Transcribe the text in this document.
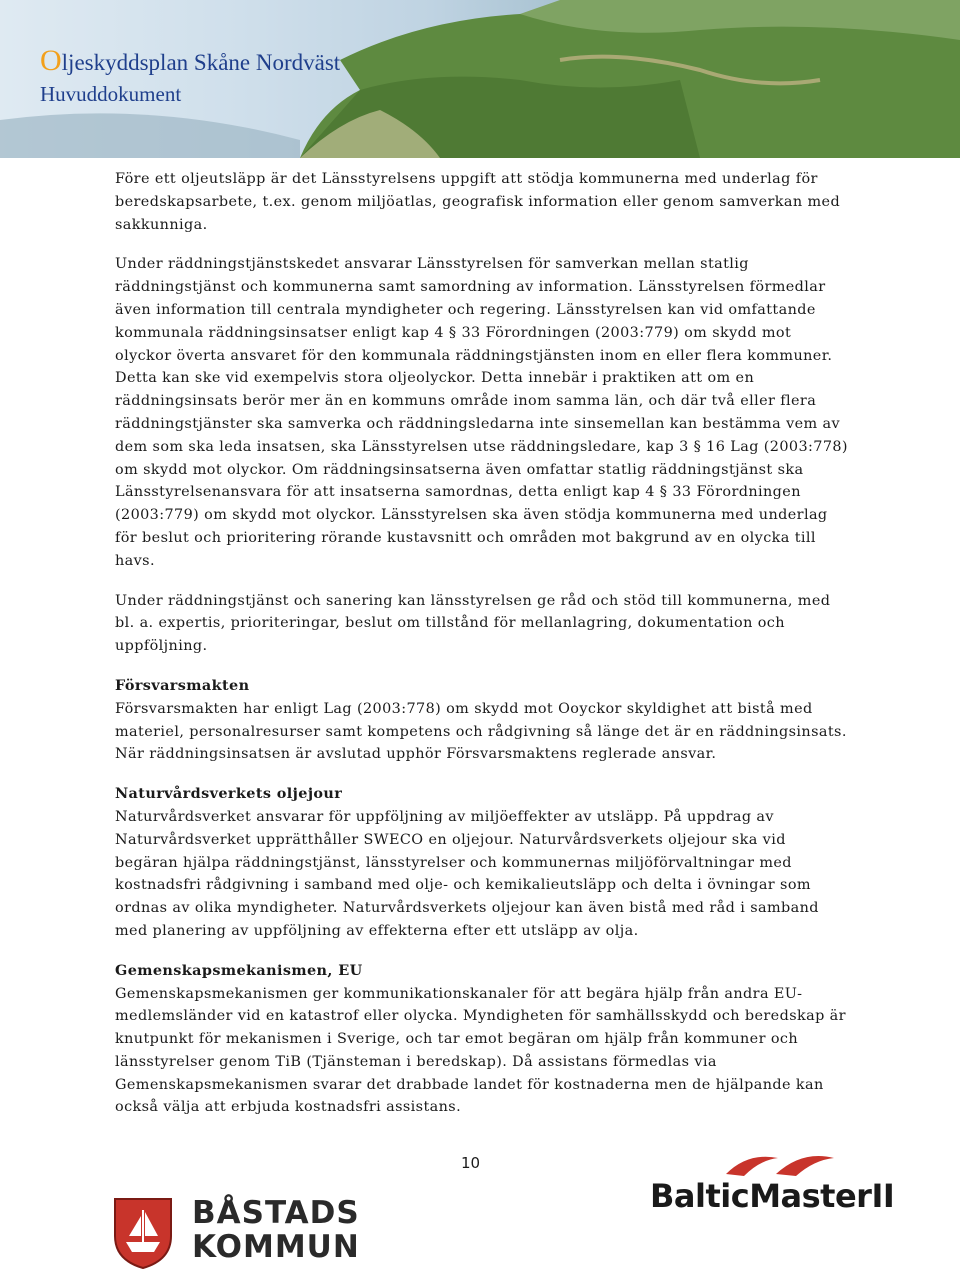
Oljeskyddsplan Skåne Nordväst
Huvuddokument

Före ett oljeutsläpp är det Länsstyrelsens uppgift att stödja kommunerna med underlag för beredskapsarbete, t.ex. genom miljöatlas, geografisk information eller genom samverkan med sakkunniga.

Under räddningstjänstskedet ansvarar Länsstyrelsen för samverkan mellan statlig räddningstjänst och kommunerna samt samordning av information. Länsstyrelsen förmedlar även information till centrala myndigheter och regering. Länsstyrelsen kan vid omfattande kommunala räddningsinsatser enligt kap 4 § 33 Förordningen (2003:779) om skydd mot olyckor överta ansvaret för den kommunala räddningstjänsten inom en eller flera kommuner. Detta kan ske vid exempelvis stora oljeolyckor. Detta innebär i praktiken att om en räddningsinsats berör mer än en kommuns område inom samma län, och där två eller flera räddningstjänster ska samverka och räddningsledarna inte sinsemellan kan bestämma vem av dem som ska leda insatsen, ska Länsstyrelsen utse räddningsledare, kap 3 § 16 Lag (2003:778) om skydd mot olyckor. Om räddningsinsatserna även omfattar statlig räddningstjänst ska Länsstyrelsenansvara för att insatserna samordnas, detta enligt kap 4 § 33 Förordningen (2003:779) om skydd mot olyckor. Länsstyrelsen ska även stödja kommunerna med underlag för beslut och prioritering rörande kustavsnitt och områden mot bakgrund av en olycka till havs.

Under räddningstjänst och sanering kan länsstyrelsen ge råd och stöd till kommunerna, med bl. a. expertis, prioriteringar, beslut om tillstånd för mellanlagring, dokumentation och uppföljning.

Försvarsmakten

Försvarsmakten har enligt Lag (2003:778) om skydd mot Ooyckor skyldighet att bistå med materiel, personalresurser samt kompetens och rådgivning så länge det är en räddningsinsats. När räddningsinsatsen är avslutad upphör Försvarsmaktens reglerade ansvar.

Naturvårdsverkets oljejour

Naturvårdsverket ansvarar för uppföljning av miljöeffekter av utsläpp. På uppdrag av Naturvårdsverket upprätthåller SWECO en oljejour. Naturvårdsverkets oljejour ska vid begäran hjälpa räddningstjänst, länsstyrelser och kommunernas miljöförvaltningar med kostnadsfri rådgivning i samband med olje- och kemikalieutsläpp och delta i övningar som ordnas av olika myndigheter. Naturvårdsverkets oljejour kan även bistå med råd i samband med planering av uppföljning av effekterna efter ett utsläpp av olja.

Gemenskapsmekanismen, EU

Gemenskapsmekanismen ger kommunikationskanaler för att begära hjälp från andra EU-medlemsländer vid en katastrof eller olycka. Myndigheten för samhällsskydd och beredskap är knutpunkt för mekanismen i Sverige, och tar emot begäran om hjälp från kommuner och länsstyrelser genom TiB (Tjänsteman i beredskap). Då assistans förmedlas via Gemenskapsmekanismen svarar det drabbade landet för kostnaderna men de hjälpande kan också välja att erbjuda kostnadsfri assistans.

10
BÅSTADS
KOMMUN
BalticMasterII
